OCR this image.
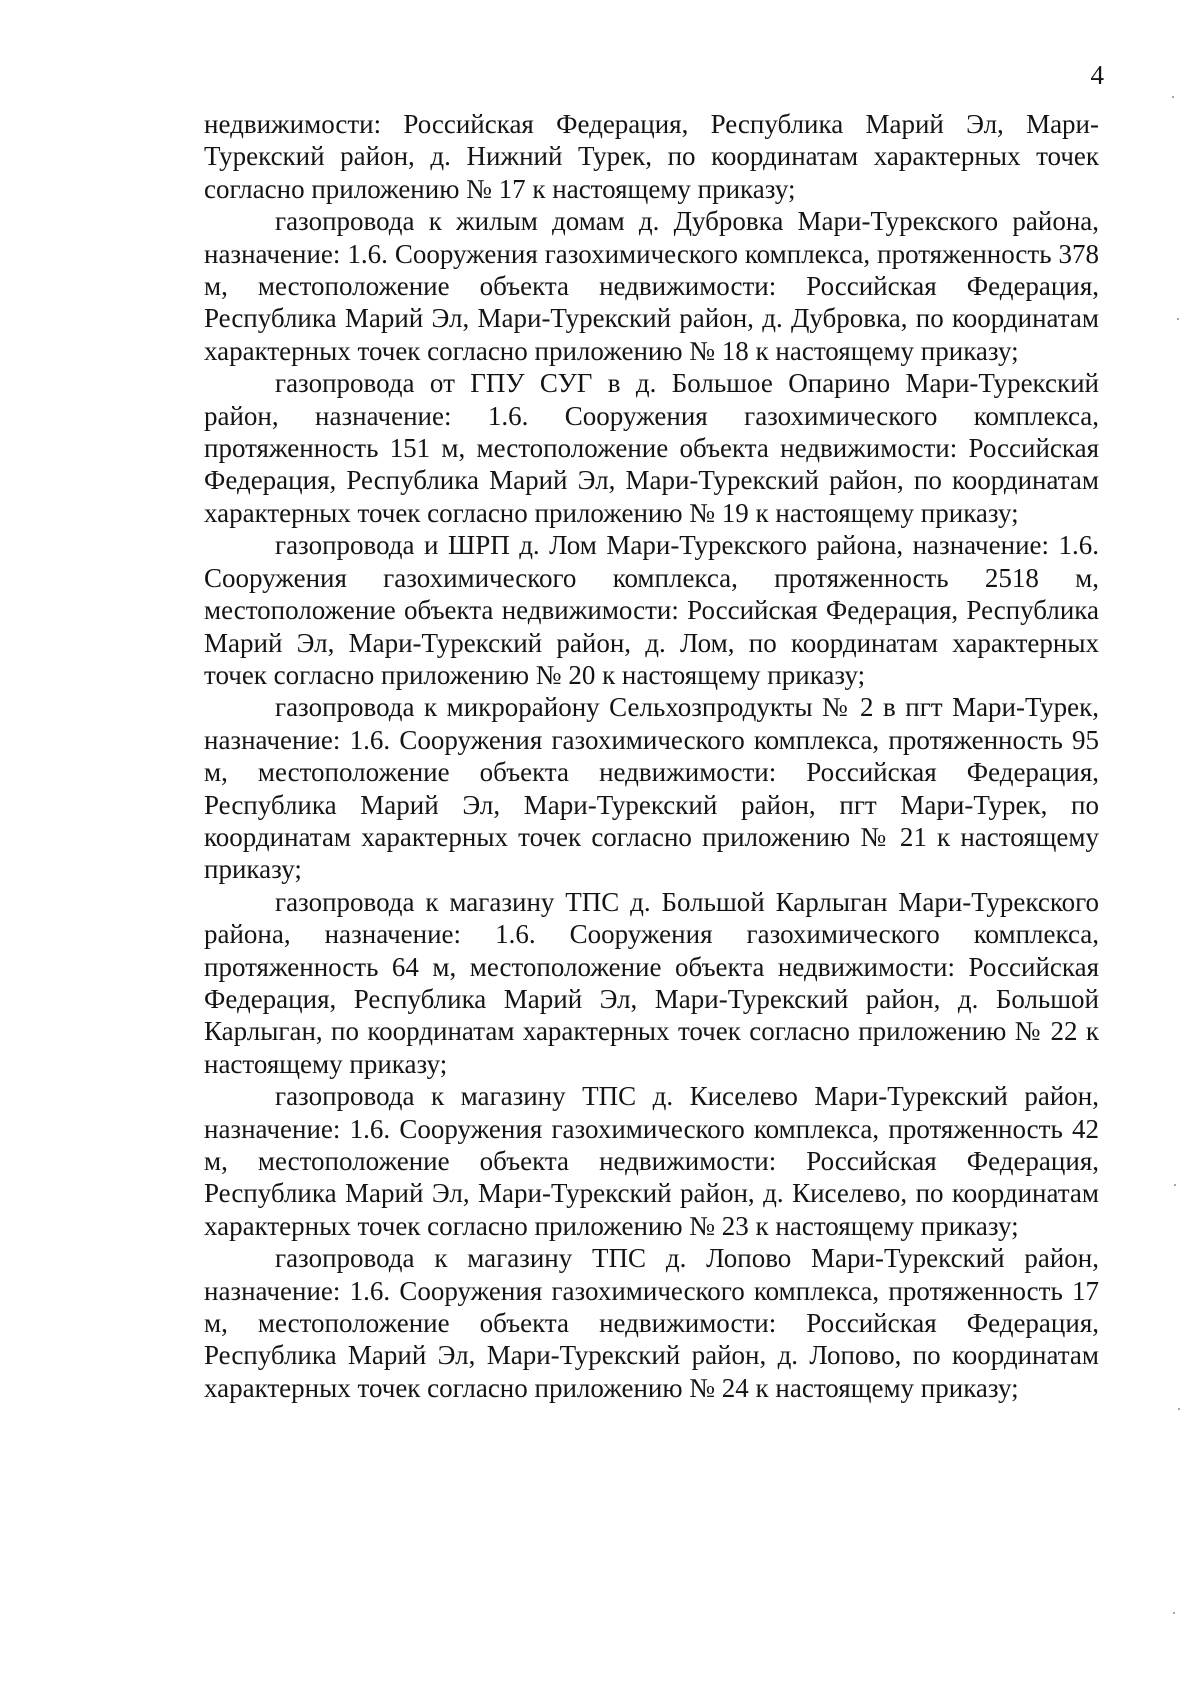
4

недвижимости: Российская Федерация, Республика Марий Эл, Мари-Турекский район, д. Нижний Турек, по координатам характерных точек согласно приложению № 17 к настоящему приказу;

газопровода к жилым домам д. Дубровка Мари-Турекского района, назначение: 1.6. Сооружения газохимического комплекса, протяженность 378 м, местоположение объекта недвижимости: Российская Федерация, Республика Марий Эл, Мари-Турекский район, д. Дубровка, по координатам характерных точек согласно приложению № 18 к настоящему приказу;

газопровода от ГПУ СУГ в д. Большое Опарино Мари-Турекский район, назначение: 1.6. Сооружения газохимического комплекса, протяженность 151 м, местоположение объекта недвижимости: Российская Федерация, Республика Марий Эл, Мари-Турекский район, по координатам характерных точек согласно приложению № 19 к настоящему приказу;

газопровода и ШРП д. Лом Мари-Турекского района, назначение: 1.6. Сооружения газохимического комплекса, протяженность 2518 м, местоположение объекта недвижимости: Российская Федерация, Республика Марий Эл, Мари-Турекский район, д. Лом, по координатам характерных точек согласно приложению № 20 к настоящему приказу;

газопровода к микрорайону Сельхозпродукты № 2 в пгт Мари-Турек, назначение: 1.6. Сооружения газохимического комплекса, протяженность 95 м, местоположение объекта недвижимости: Российская Федерация, Республика Марий Эл, Мари-Турекский район, пгт Мари-Турек, по координатам характерных точек согласно приложению № 21 к настоящему приказу;

газопровода к магазину ТПС д. Большой Карлыган Мари-Турекского района, назначение: 1.6. Сооружения газохимического комплекса, протяженность 64 м, местоположение объекта недвижимости: Российская Федерация, Республика Марий Эл, Мари-Турекский район, д. Большой Карлыган, по координатам характерных точек согласно приложению № 22 к настоящему приказу;

газопровода к магазину ТПС д. Киселево Мари-Турекский район, назначение: 1.6. Сооружения газохимического комплекса, протяженность 42 м, местоположение объекта недвижимости: Российская Федерация, Республика Марий Эл, Мари-Турекский район, д. Киселево, по координатам характерных точек согласно приложению № 23 к настоящему приказу;

газопровода к магазину ТПС д. Лопово Мари-Турекский район, назначение: 1.6. Сооружения газохимического комплекса, протяженность 17 м, местоположение объекта недвижимости: Российская Федерация, Республика Марий Эл, Мари-Турекский район, д. Лопово, по координатам характерных точек согласно приложению № 24 к настоящему приказу;
